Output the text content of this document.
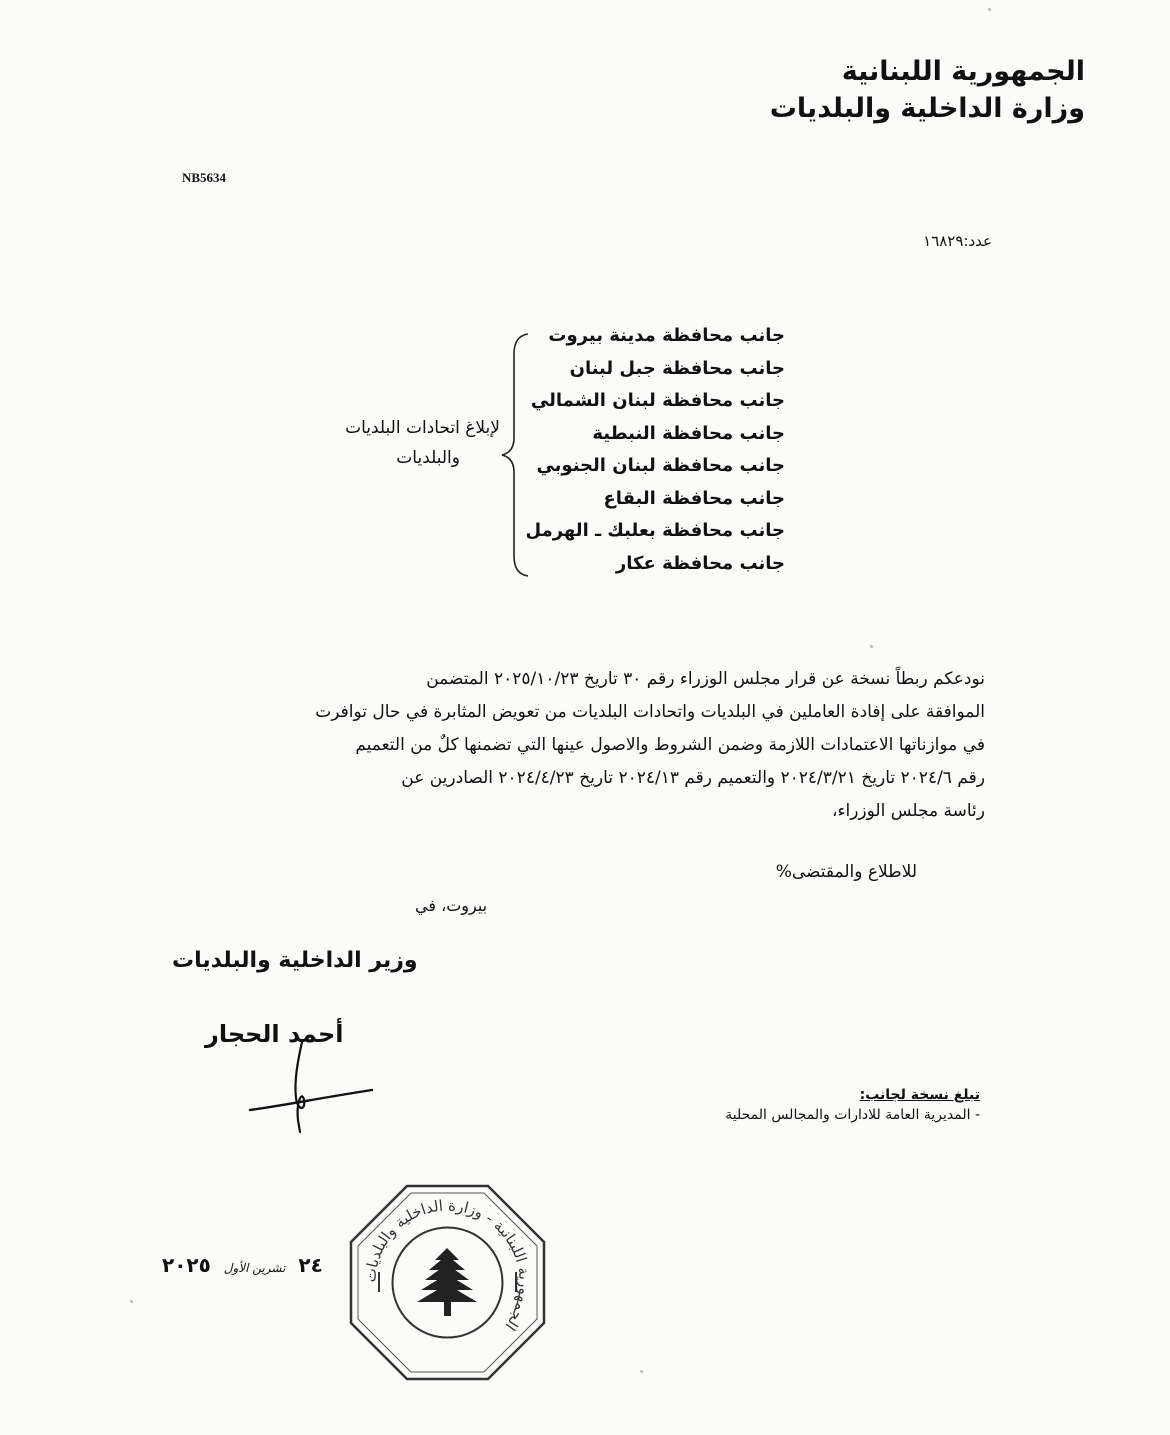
الجمهورية اللبنانية
وزارة الداخلية والبلديات
NB5634
عدد:١٦٨٢٩
جانب محافظة مدينة بيروت
جانب محافظة جبل لبنان
جانب محافظة لبنان الشمالي
جانب محافظة النبطية
جانب محافظة لبنان الجنوبي
جانب محافظة البقاع
جانب محافظة بعلبك ـ الهرمل
جانب محافظة عكار
لإبلاغ اتحادات البلديات
والبلديات
نودعكم ربطاً نسخة عن قرار مجلس الوزراء رقم ٣٠ تاريخ ٢٠٢٥/١٠/٢٣ المتضمن
الموافقة على إفادة العاملين في البلديات واتحادات البلديات من تعويض المثابرة في حال توافرت
في موازناتها الاعتمادات اللازمة وضمن الشروط والاصول عينها التي تضمنها كلٌ من التعميم
رقم ٢٠٢٤/٦ تاريخ ٢٠٢٤/٣/٢١ والتعميم رقم ٢٠٢٤/١٣ تاريخ ٢٠٢٤/٤/٢٣ الصادرين عن
رئاسة مجلس الوزراء،
للاطلاع والمقتضى%
بيروت، في
وزير الداخلية والبلديات
أحمد الحجار
تبلغ نسخة لجانب:
- المديرية العامة للادارات والمجالس المحلية
٢٤ تشرين الأول ٢٠٢٥	الجمهورية اللبنانية - وزارة الداخلية والبلديات
